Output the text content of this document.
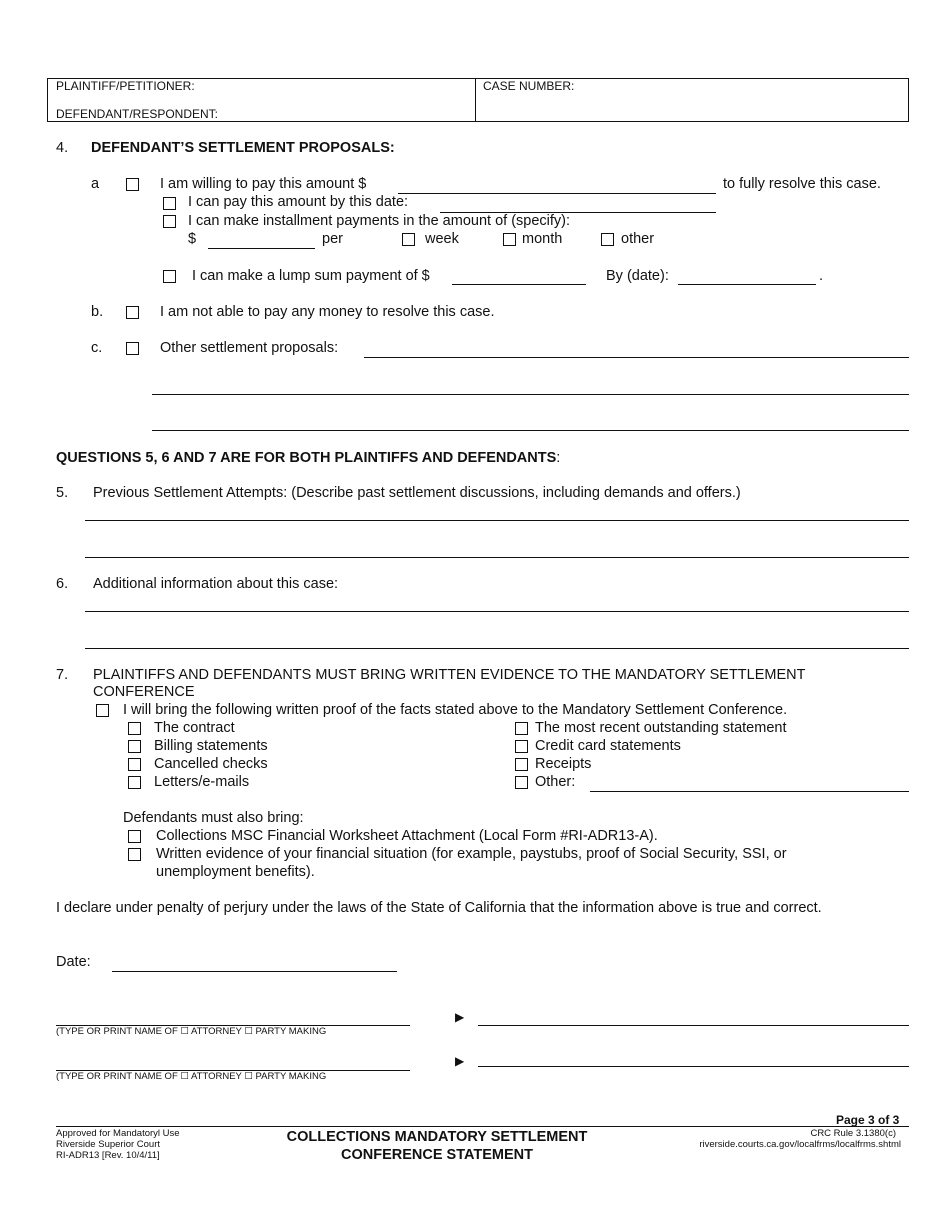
PLAINTIFF/PETITIONER:
DEFENDANT/RESPONDENT:
CASE NUMBER:
4. DEFENDANT’S SETTLEMENT PROPOSALS:
a	I am willing to pay this amount $	to fully resolve this case.
I can pay this amount by this date:
I can make installment payments in the amount of (specify):
$	per	week	month	other
I can make a lump sum payment of $	By (date):	.
b.	I am not able to pay any money to resolve this case.
c.	Other settlement proposals:
QUESTIONS 5, 6 AND 7 ARE FOR BOTH PLAINTIFFS AND DEFENDANTS:
5. Previous Settlement Attempts: (Describe past settlement discussions, including demands and offers.)
6. Additional information about this case:
7. PLAINTIFFS AND DEFENDANTS MUST BRING WRITTEN EVIDENCE TO THE MANDATORY SETTLEMENT
CONFERENCE
I will bring the following written proof of the facts stated above to the Mandatory Settlement Conference.
The contract
Billing statements
Cancelled checks
Letters/e-mails
The most recent outstanding statement
Credit card statements
Receipts
Other:
Defendants must also bring:
Collections MSC Financial Worksheet Attachment (Local Form #RI-ADR13-A).
Written evidence of your financial situation (for example, paystubs, proof of Social Security, SSI, or
unemployment benefits).
I declare under penalty of perjury under the laws of the State of California that the information above is true and correct.
Date:
(TYPE OR PRINT NAME OF ☐ ATTORNEY ☐ PARTY MAKING
▶
(TYPE OR PRINT NAME OF ☐ ATTORNEY ☐ PARTY MAKING
▶
Page 3 of 3
Approved for Mandatoryl Use
Riverside Superior Court
RI-ADR13 [Rev. 10/4/11]
COLLECTIONS MANDATORY SETTLEMENT
CONFERENCE STATEMENT
CRC Rule 3.1380(c)
riverside.courts.ca.gov/localfrms/localfrms.shtml
